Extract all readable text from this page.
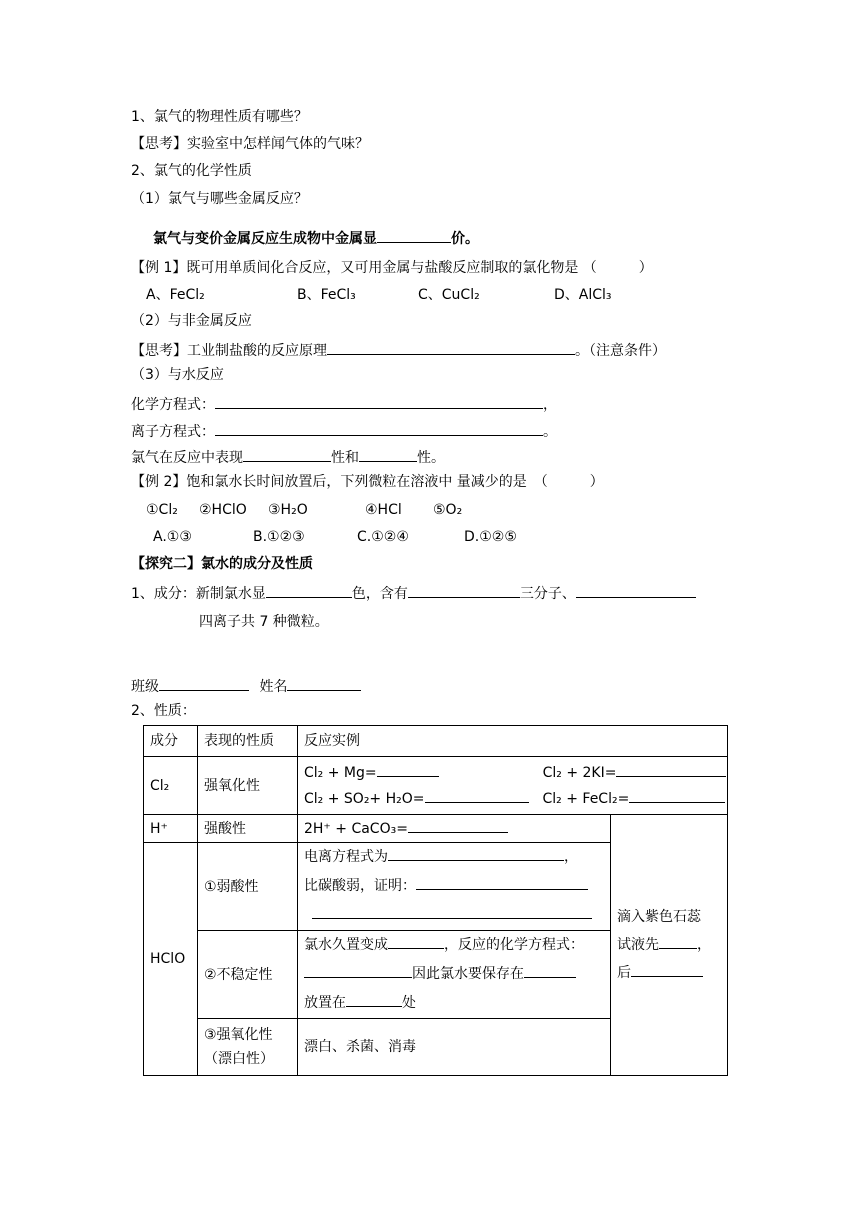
1、氯气的物理性质有哪些？
【思考】实验室中怎样闻气体的气味？
2、氯气的化学性质
（1）氯气与哪些金属反应？
氯气与变价金属反应生成物中金属显	价。
【例 1】既可用单质间化合反应，又可用金属与盐酸反应制取的氯化物是 （　　　）
A、FeCl₂	B、FeCl₃	C、CuCl₂	D、AlCl₃
（2）与非金属反应
【思考】工业制盐酸的反应原理	。（注意条件）
（3）与水反应
化学方程式：	，
离子方程式：	。
氯气在反应中表现	性和	性。
【例 2】饱和氯水长时间放置后，下列微粒在溶液中 量减少的是　（　　　）
①Cl₂ ②HClO ③H₂O	④HCl ⑤O₂
A.①③	B.①②③	C.①②④	D.①②⑤
【探究二】氯水的成分及性质
1、成分：新制氯水显	色，含有	三分子、
四离子共 7 种微粒。
班级	姓名
2、性质：
成分	表现的性质	反应实例	
Cl₂	强氧化性	Cl₂ + Mg= Cl₂ + 2KI=
Cl₂ + SO₂+ H₂O= Cl₂ + FeCl₂=	

H⁺	强酸性	2H⁺ + CaCO₃=	滴入紫色石蕊
试液先 ，
后

HClO	①弱酸性	电离方程式为 ，
比碳酸弱，证明：	

	②不稳定性	氯水久置变成 ，反应的化学方程式：
因此氯水要保存在
放置在 处	

	③强氧化性
（漂白性）	漂白、杀菌、消毒	
